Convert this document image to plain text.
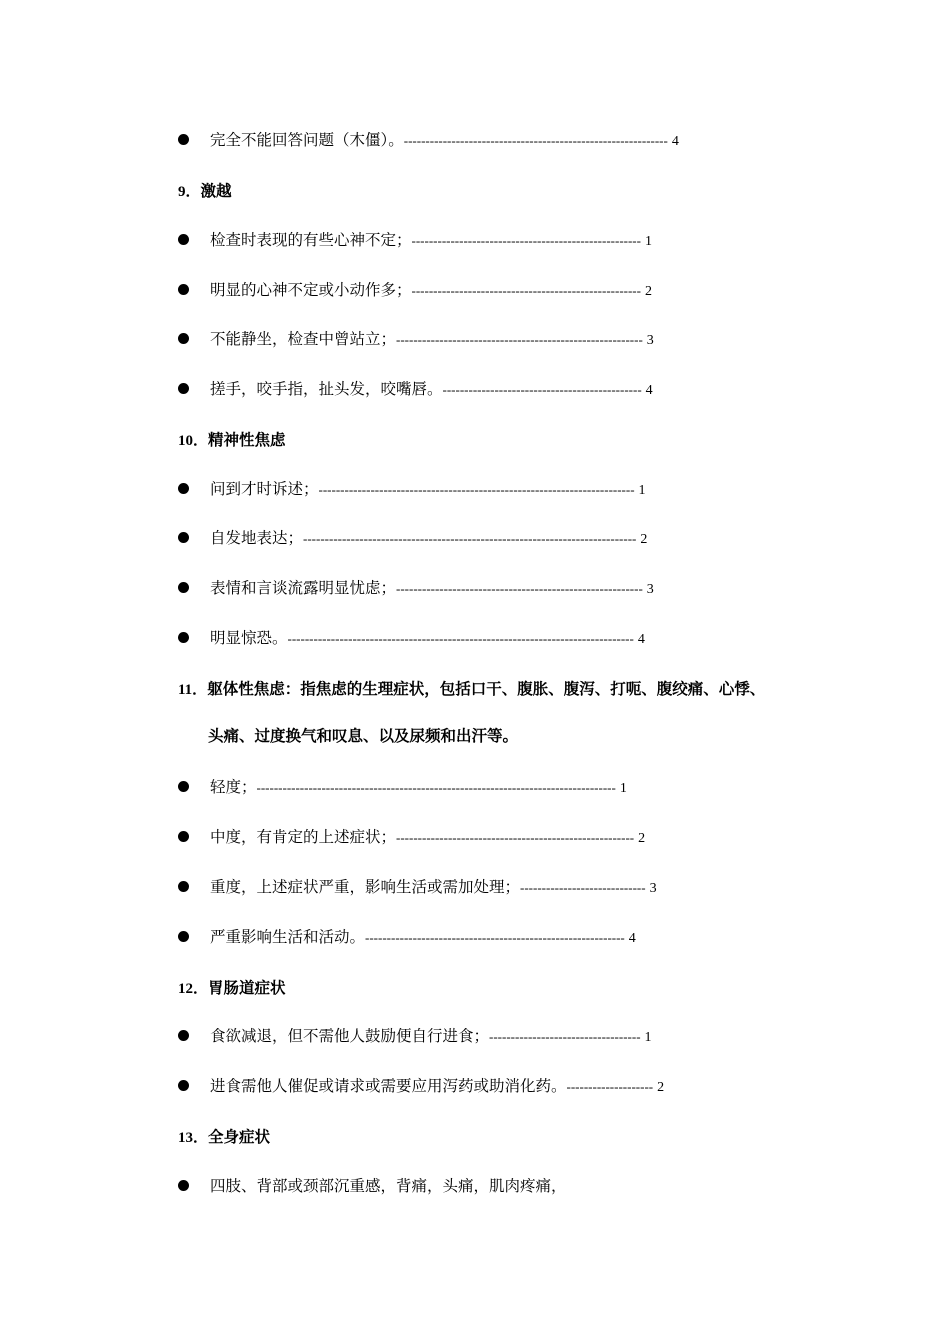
完全不能回答问题（木僵）。------------------------------------------------------------- 4
9．激越
检查时表现的有些心神不定；----------------------------------------------------- 1
明显的心神不定或小动作多；----------------------------------------------------- 2
不能静坐，检查中曾站立；--------------------------------------------------------- 3
搓手，咬手指，扯头发，咬嘴唇。---------------------------------------------- 4
10．精神性焦虑
问到才时诉述；------------------------------------------------------------------------- 1
自发地表达；----------------------------------------------------------------------------- 2
表情和言谈流露明显忧虑；--------------------------------------------------------- 3
明显惊恐。-------------------------------------------------------------------------------- 4
11．躯体性焦虑：指焦虑的生理症状，包括口干、腹胀、腹泻、打呃、腹绞痛、心悸、
头痛、过度换气和叹息、以及尿频和出汗等。
轻度；----------------------------------------------------------------------------------- 1
中度，有肯定的上述症状；------------------------------------------------------- 2
重度，上述症状严重，影响生活或需加处理；----------------------------- 3
严重影响生活和活动。------------------------------------------------------------ 4
12．胃肠道症状
食欲减退，但不需他人鼓励便自行进食；----------------------------------- 1
进食需他人催促或请求或需要应用泻药或助消化药。-------------------- 2
13．全身症状
四肢、背部或颈部沉重感，背痛，头痛，肌肉疼痛，
